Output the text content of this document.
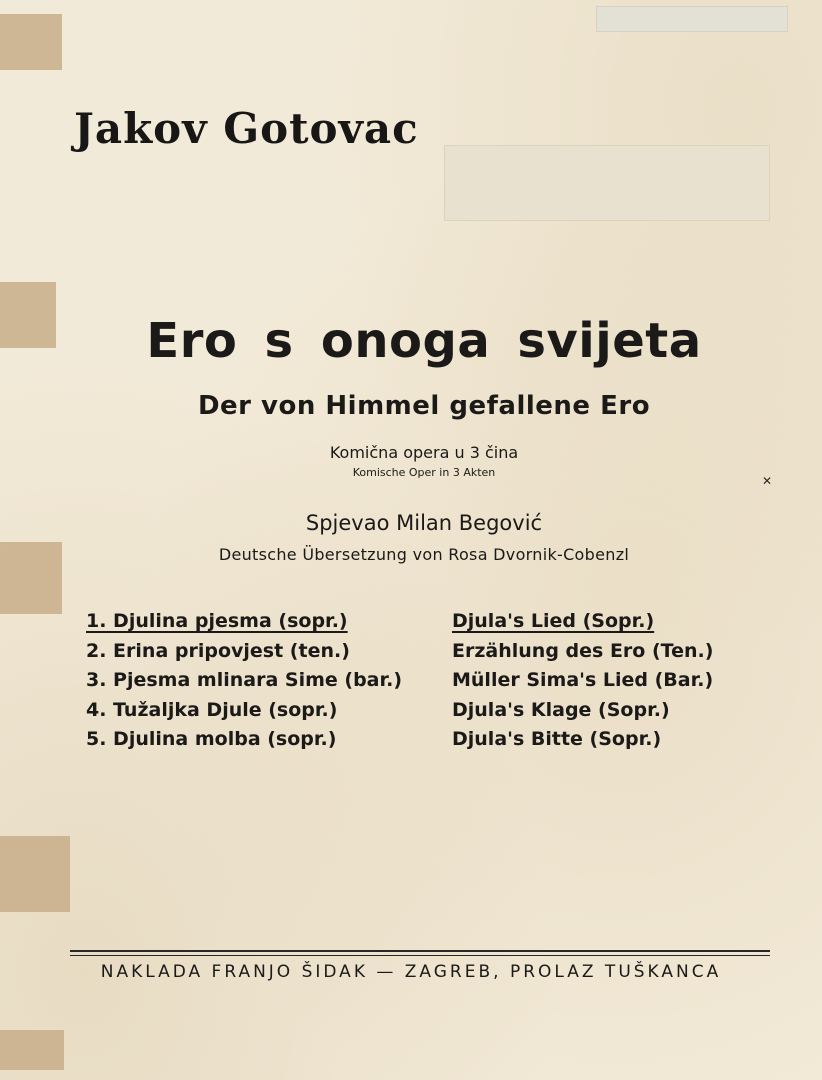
✕
Jakov Gotovac
Ero s onoga svijeta
Der von Himmel gefallene Ero
Komična opera u 3 čina
Komische Oper in 3 Akten
Spjevao Milan Begović
Deutsche Übersetzung von Rosa Dvornik-Cobenzl
1. Djulina pjesma (sopr.)
2. Erina pripovjest (ten.)
3. Pjesma mlinara Sime (bar.)
4. Tužaljka Djule (sopr.)
5. Djulina molba (sopr.)
Djula's Lied (Sopr.)
Erzählung des Ero (Ten.)
Müller Sima's Lied (Bar.)
Djula's Klage (Sopr.)
Djula's Bitte (Sopr.)
NAKLADA FRANJO ŠIDAK — ZAGREB, PROLAZ TUŠKANCA
